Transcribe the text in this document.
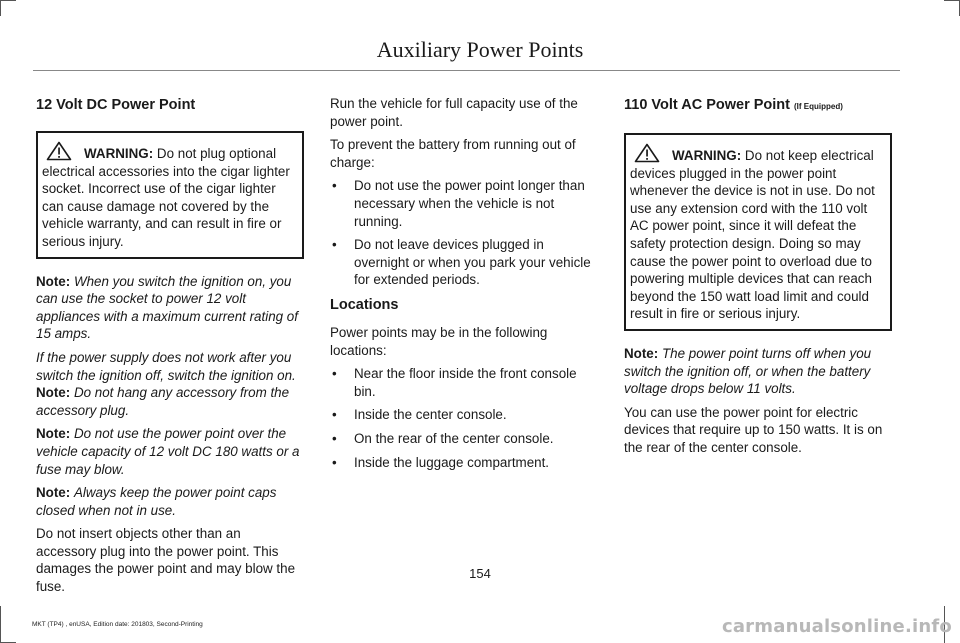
Auxiliary Power Points
12 Volt DC Power Point
WARNING: Do not plug optional electrical accessories into the cigar lighter socket. Incorrect use of the cigar lighter can cause damage not covered by the vehicle warranty, and can result in fire or serious injury.

Note: When you switch the ignition on, you can use the socket to power 12 volt appliances with a maximum current rating of 15 amps.

If the power supply does not work after you switch the ignition off, switch the ignition on.

Note: Do not hang any accessory from the accessory plug.

Note: Do not use the power point over the vehicle capacity of 12 volt DC 180 watts or a fuse may blow.

Note: Always keep the power point caps closed when not in use.

Do not insert objects other than an accessory plug into the power point. This damages the power point and may blow the fuse.

Run the vehicle for full capacity use of the power point.

To prevent the battery from running out of charge:

• Do not use the power point longer than necessary when the vehicle is not running.
• Do not leave devices plugged in overnight or when you park your vehicle for extended periods.
Locations

Power points may be in the following locations:

• Near the floor inside the front console bin.
• Inside the center console.
• On the rear of the center console.
• Inside the luggage compartment.
110 Volt AC Power Point (If Equipped)
WARNING: Do not keep electrical devices plugged in the power point whenever the device is not in use. Do not use any extension cord with the 110 volt AC power point, since it will defeat the safety protection design. Doing so may cause the power point to overload due to powering multiple devices that can reach beyond the 150 watt load limit and could result in fire or serious injury.

Note: The power point turns off when you switch the ignition off, or when the battery voltage drops below 11 volts.

You can use the power point for electric devices that require up to 150 watts. It is on the rear of the center console.

154
MKT (TP4) , enUSA, Edition date: 201803, Second-Printing	carmanualsonline.info
